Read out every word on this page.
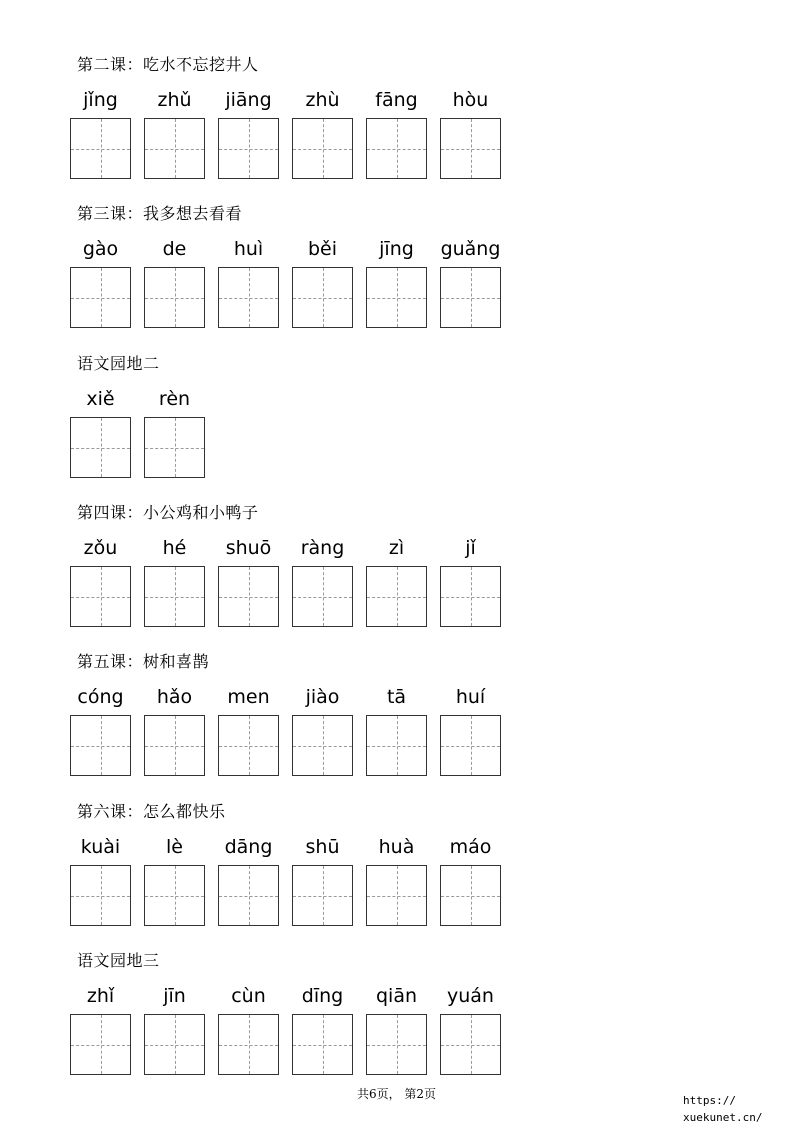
第二课：吃水不忘挖井人
jǐng	zhǔ	jiāng	zhù	fāng	hòu
第三课：我多想去看看
gào	de	huì	běi	jīng	guǎng
语文园地二
xiě	rèn
第四课：小公鸡和小鸭子
zǒu	hé	shuō	ràng	zì	jǐ
第五课：树和喜鹊
cóng	hǎo	men	jiào	tā	huí
第六课：怎么都快乐
kuài	lè	dāng	shū	huà	máo
语文园地三
zhǐ	jīn	cùn	dīng	qiān	yuán
共6页， 第2页	https://
xuekunet.cn/
